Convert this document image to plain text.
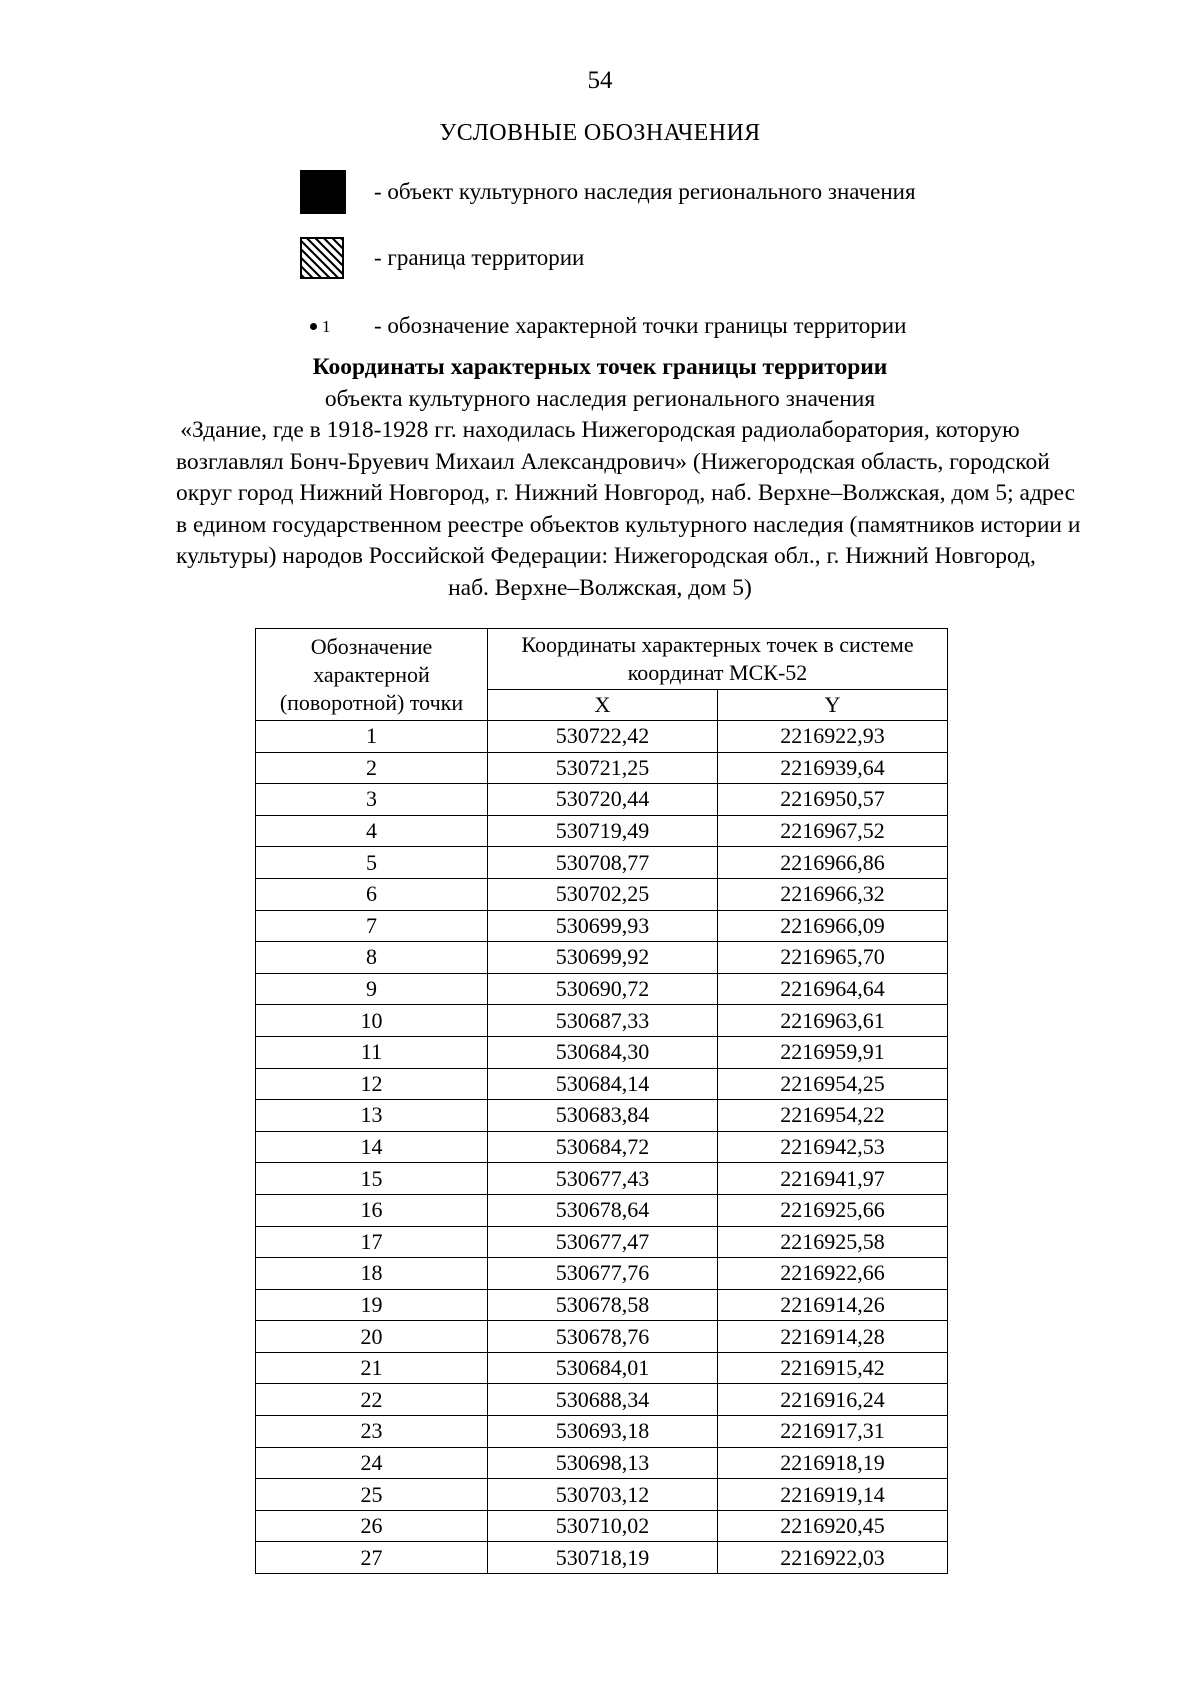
54
УСЛОВНЫЕ ОБОЗНАЧЕНИЯ
- объект культурного наследия регионального значения
- граница территории
1	- обозначение характерной точки границы территории
Координаты характерных точек границы территории
объекта культурного наследия регионального значения
«Здание, где в 1918-1928 гг. находилась Нижегородская радиолаборатория, которую
возглавлял Бонч-Бруевич Михаил Александрович» (Нижегородская область, городской
округ город Нижний Новгород, г. Нижний Новгород, наб. Верхне–Волжская, дом 5; адрес
в едином государственном реестре объектов культурного наследия (памятников истории и
культуры) народов Российской Федерации: Нижегородская обл., г. Нижний Новгород,
наб. Верхне–Волжская, дом 5)
Обозначение
характерной
(поворотной) точки	Координаты характерных точек в системе
координат МСК-52	
	X	Y
1	530722,42	2216922,93
2	530721,25	2216939,64
3	530720,44	2216950,57
4	530719,49	2216967,52
5	530708,77	2216966,86
6	530702,25	2216966,32
7	530699,93	2216966,09
8	530699,92	2216965,70
9	530690,72	2216964,64
10	530687,33	2216963,61
11	530684,30	2216959,91
12	530684,14	2216954,25
13	530683,84	2216954,22
14	530684,72	2216942,53
15	530677,43	2216941,97
16	530678,64	2216925,66
17	530677,47	2216925,58
18	530677,76	2216922,66
19	530678,58	2216914,26
20	530678,76	2216914,28
21	530684,01	2216915,42
22	530688,34	2216916,24
23	530693,18	2216917,31
24	530698,13	2216918,19
25	530703,12	2216919,14
26	530710,02	2216920,45
27	530718,19	2216922,03
